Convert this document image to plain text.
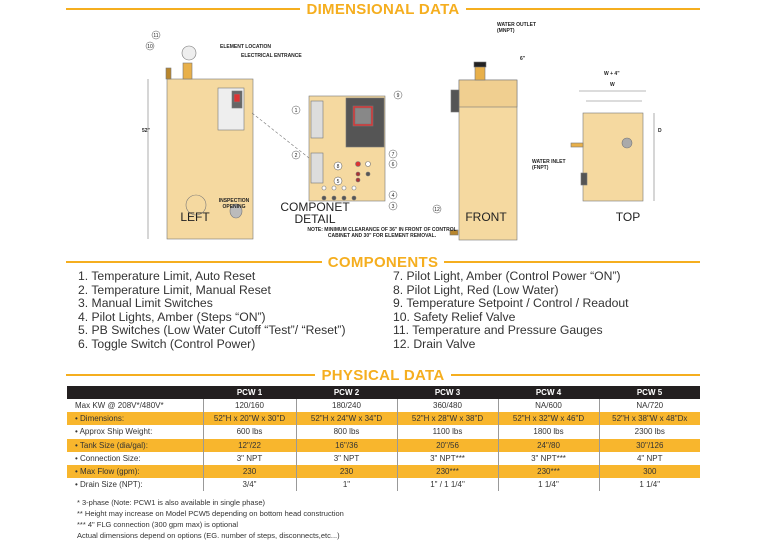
DIMENSIONAL DATA
11
10
1
2
9
7
6
4
3
8
5
12
ELEMENT LOCATION
ELECTRICAL ENTRANCE
52"
INSPECTION OPENING
WATER OUTLET (MNPT)
6"
WATER INLET (FNPT)
W + 4"
W
D
LEFT
COMPONET DETAIL	FRONT	TOP
NOTE: MINIMUM CLEARANCE OF 36" IN FRONT OF CONTROL CABINET AND 30" FOR ELEMENT REMOVAL.
COMPONENTS
1. Temperature Limit, Auto Reset
2. Temperature Limit, Manual Reset
3. Manual Limit Switches
4. Pilot Lights, Amber (Steps “ON”)
5. PB Switches (Low Water Cutoff “Test”/ “Reset”)
6. Toggle Switch (Control Power)
7. Pilot Light, Amber (Control Power “ON”)
8. Pilot Light, Red (Low Water)
9. Temperature Setpoint / Control / Readout
10. Safety Relief Valve
11. Temperature and Pressure Gauges
12. Drain Valve
PHYSICAL DATA
	PCW 1	PCW 2	PCW 3	PCW 4	PCW 5
Max KW @ 208V*/480V*	120/160	180/240	360/480	NA/600	NA/720
• Dimensions:	52"H x 20"W x 30"D	52"H x 24"W x 34"D	52"H x 28"W x 38"D	52"H x 32"W x 46"D	52"H x 38"W x 48"Dx
• Approx Ship Weight:	600 lbs	800 lbs	1100 lbs	1800 lbs	2300 lbs
• Tank Size (dia/gal):	12"/22	16"/36	20"/56	24"/80	30"/126
• Connection Size:	3" NPT	3" NPT	3" NPT***	3" NPT***	4" NPT
• Max Flow (gpm):	230	230	230***	230***	300
• Drain Size (NPT):	3/4"	1"	1" / 1 1/4"	1 1/4"	1 1/4"
* 3-phase (Note: PCW1 is also available in single phase)
** Height may increase on Model PCW5 depending on bottom head construction
*** 4" FLG connection (300 gpm max) is optional
Actual dimensions depend on options (EG. number of steps, disconnects,etc...)
